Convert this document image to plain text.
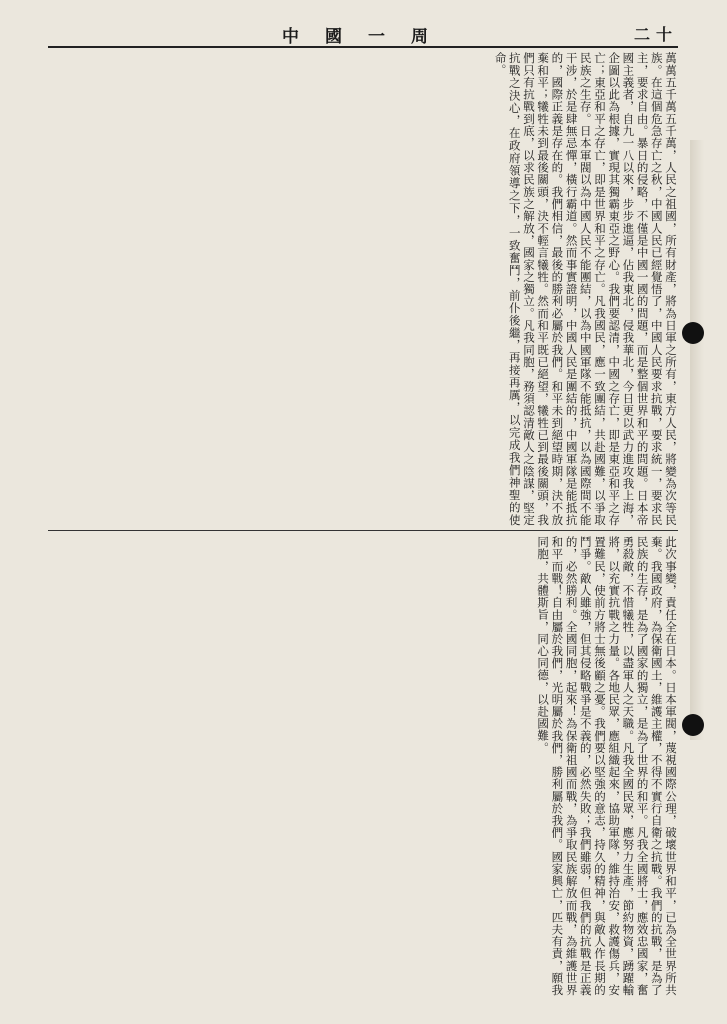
中國一周	二十
萬萬五千萬五千萬，人民之祖國，所有財產，將為日軍之所有，東方人民，將變為次等民族。在這個危急存亡之秋，中國人民已經覺悟了，中國人民要求抗戰，要求統一，要求民主，要求自由。暴日的侵略，不僅是中國一國的問題，而是整個世界和平的問題。日本帝國主義者，自九一八以來，步步進逼，佔我東北，侵我華北，今日更以武力進攻我上海，企圖以此為根據，實現其獨霸東亞之野心。我們要認清，中國之存亡，即是東亞和平之存亡；東亞和平之存亡，即是世界和平之存亡。凡我國民，應一致團結，共赴國難，以爭取民族之生存。日本軍閥以為中國人民不能團結，以為中國軍隊不能抵抗，以為國際間不能干涉，於是肆無忌憚，橫行霸道。然而事實證明，中國人民是團結的，中國軍隊是能抵抗的，國際正義是存在的。我們相信，最後的勝利必屬於我們。和平未到絕望時期，決不放棄和平；犧牲未到最後關頭，決不輕言犧牲。然而和平既已絕望，犧牲已到最後關頭，我們只有抗戰到底，以求民族之解放，國家之獨立。凡我同胞，務須認清敵人之陰謀，堅定抗戰之決心，在政府領導之下，一致奮鬥，前仆後繼，再接再厲，以完成我們神聖的使命。
此次事變，責任全在日本。日本軍閥，蔑視國際公理，破壞世界和平，已為全世界所共棄。我國政府，為保衛國土，維護主權，不得不實行自衛之抗戰。我們的抗戰，是為了民族的生存，是為了國家的獨立，是為了世界的和平。凡我全國將士，應效忠國家，奮勇殺敵，不惜犧牲，以盡軍人之天職。凡我全國民眾，應努力生產，節約物資，踴躍輸將，以充實抗戰之力量。各地民眾，應組織起來，協助軍隊，維持治安，救護傷兵，安置難民，使前方將士無後顧之憂。我們要以堅強的意志，持久的精神，與敵人作長期的鬥爭。敵人雖強，但其侵略戰爭是不義的，必然失敗；我們雖弱，但我們的抗戰是正義的，必然勝利。全國同胞，起來！為保衛祖國而戰，為爭取民族解放而戰，為維護世界和平而戰！自由屬於我們，光明屬於我們，勝利屬於我們。國家興亡，匹夫有責，願我同胞，共體斯旨，同心同德，以赴國難。
